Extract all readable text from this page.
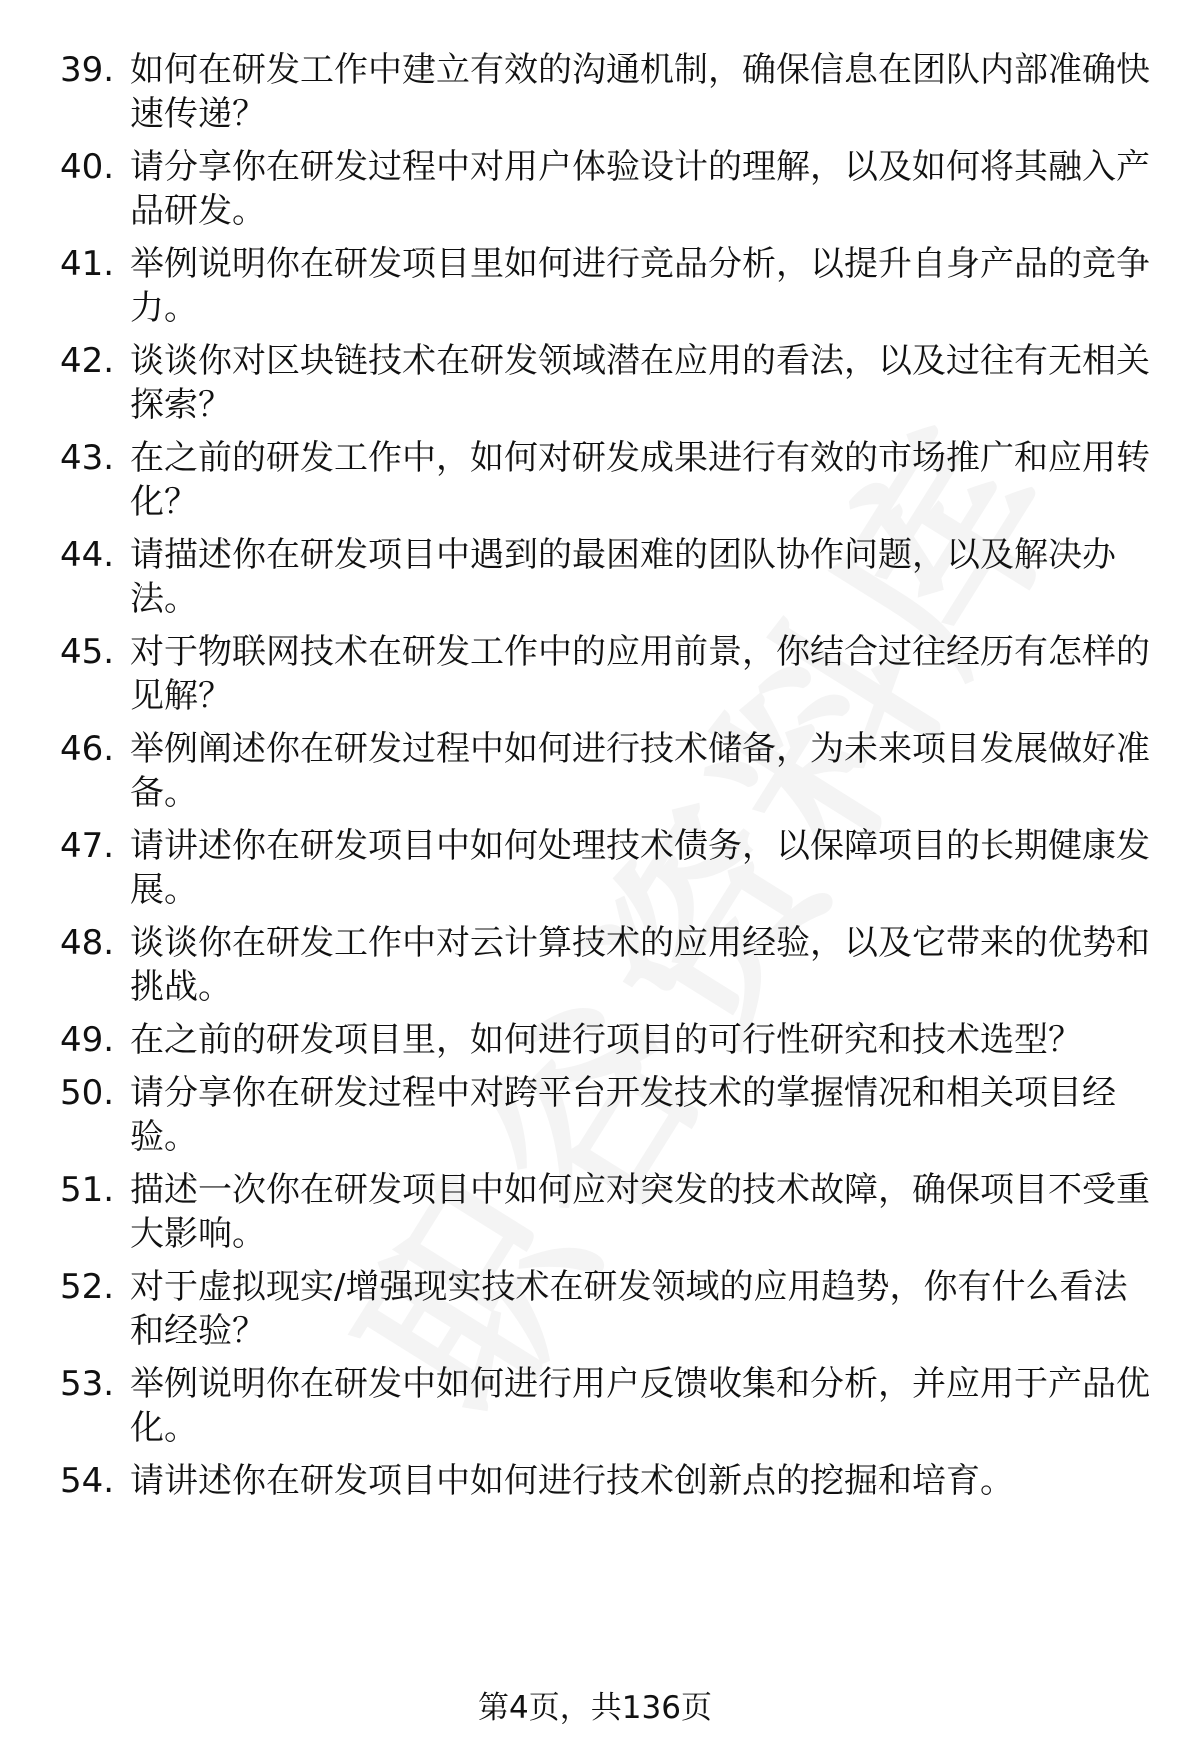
39. 如何在研发工作中建立有效的沟通机制，确保信息在团队内部准确快速传递？
40. 请分享你在研发过程中对用户体验设计的理解，以及如何将其融入产品研发。
41. 举例说明你在研发项目里如何进行竞品分析，以提升自身产品的竞争力。
42. 谈谈你对区块链技术在研发领域潜在应用的看法，以及过往有无相关探索？
43. 在之前的研发工作中，如何对研发成果进行有效的市场推广和应用转化？
44. 请描述你在研发项目中遇到的最困难的团队协作问题，以及解决办法。
45. 对于物联网技术在研发工作中的应用前景，你结合过往经历有怎样的见解？
46. 举例阐述你在研发过程中如何进行技术储备，为未来项目发展做好准备。
47. 请讲述你在研发项目中如何处理技术债务，以保障项目的长期健康发展。
48. 谈谈你在研发工作中对云计算技术的应用经验，以及它带来的优势和挑战。
49. 在之前的研发项目里，如何进行项目的可行性研究和技术选型？
50. 请分享你在研发过程中对跨平台开发技术的掌握情况和相关项目经验。
51. 描述一次你在研发项目中如何应对突发的技术故障，确保项目不受重大影响。
52. 对于虚拟现实/增强现实技术在研发领域的应用趋势，你有什么看法和经验？
53. 举例说明你在研发中如何进行用户反馈收集和分析，并应用于产品优化。
54. 请讲述你在研发项目中如何进行技术创新点的挖掘和培育。
第4页，共136页
